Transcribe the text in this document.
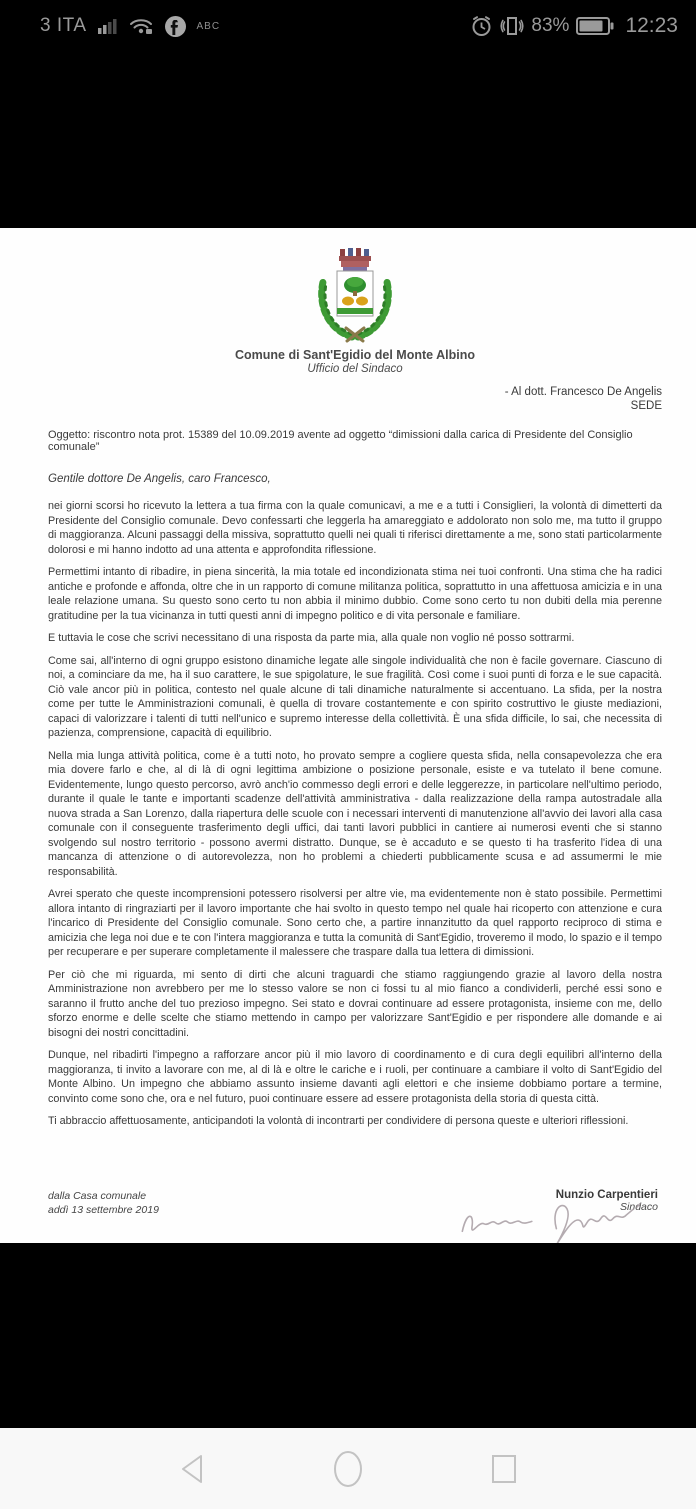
3 ITA	ABC	83%	12:23
Comune di Sant'Egidio del Monte Albino
Ufficio del Sindaco
- Al dott. Francesco De Angelis
SEDE
Oggetto: riscontro nota prot. 15389 del 10.09.2019 avente ad oggetto “dimissioni dalla carica di Presidente del Consiglio comunale”
Gentile dottore De Angelis, caro Francesco,

nei giorni scorsi ho ricevuto la lettera a tua firma con la quale comunicavi, a me e a tutti i Consiglieri, la volontà di dimetterti da Presidente del Consiglio comunale. Devo confessarti che leggerla ha amareggiato e addolorato non solo me, ma tutto il gruppo di maggioranza. Alcuni passaggi della missiva, soprattutto quelli nei quali ti riferisci direttamente a me, sono stati particolarmente dolorosi e mi hanno indotto ad una attenta e approfondita riflessione.

Permettimi intanto di ribadire, in piena sincerità, la mia totale ed incondizionata stima nei tuoi confronti. Una stima che ha radici antiche e profonde e affonda, oltre che in un rapporto di comune militanza politica, soprattutto in una affettuosa amicizia e in una leale relazione umana. Su questo sono certo tu non abbia il minimo dubbio. Come sono certo tu non dubiti della mia perenne gratitudine per la tua vicinanza in tutti questi anni di impegno politico e di vita personale e familiare.

E tuttavia le cose che scrivi necessitano di una risposta da parte mia, alla quale non voglio né posso sottrarmi.

Come sai, all'interno di ogni gruppo esistono dinamiche legate alle singole individualità che non è facile governare. Ciascuno di noi, a cominciare da me, ha il suo carattere, le sue spigolature, le sue fragilità. Così come i suoi punti di forza e le sue capacità. Ciò vale ancor più in politica, contesto nel quale alcune di tali dinamiche naturalmente si accentuano. La sfida, per la nostra come per tutte le Amministrazioni comunali, è quella di trovare costantemente e con spirito costruttivo le giuste mediazioni, capaci di valorizzare i talenti di tutti nell'unico e supremo interesse della collettività. È una sfida difficile, lo sai, che necessita di pazienza, comprensione, capacità di equilibrio.

Nella mia lunga attività politica, come è a tutti noto, ho provato sempre a cogliere questa sfida, nella consapevolezza che era mia dovere farlo e che, al di là di ogni legittima ambizione o posizione personale, esiste e va tutelato il bene comune. Evidentemente, lungo questo percorso, avrò anch'io commesso degli errori e delle leggerezze, in particolare nell'ultimo periodo, durante il quale le tante e importanti scadenze dell'attività amministrativa - dalla realizzazione della rampa autostradale alla nuova strada a San Lorenzo, dalla riapertura delle scuole con i necessari interventi di manutenzione all'avvio dei lavori alla casa comunale con il conseguente trasferimento degli uffici, dai tanti lavori pubblici in cantiere ai numerosi eventi che si stanno svolgendo sul nostro territorio - possono avermi distratto. Dunque, se è accaduto e se questo ti ha trasferito l'idea di una mancanza di attenzione o di autorevolezza, non ho problemi a chiederti pubblicamente scusa e ad assumermi le mie responsabilità.

Avrei sperato che queste incomprensioni potessero risolversi per altre vie, ma evidentemente non è stato possibile. Permettimi allora intanto di ringraziarti per il lavoro importante che hai svolto in questo tempo nel quale hai ricoperto con attenzione e cura l'incarico di Presidente del Consiglio comunale. Sono certo che, a partire innanzitutto da quel rapporto reciproco di stima e amicizia che lega noi due e te con l'intera maggioranza e tutta la comunità di Sant'Egidio, troveremo il modo, lo spazio e il tempo per recuperare e per superare completamente il malessere che traspare dalla tua lettera di dimissioni.

Per ciò che mi riguarda, mi sento di dirti che alcuni traguardi che stiamo raggiungendo grazie al lavoro della nostra Amministrazione non avrebbero per me lo stesso valore se non ci fossi tu al mio fianco a condividerli, perché essi sono e saranno il frutto anche del tuo prezioso impegno. Sei stato e dovrai continuare ad essere protagonista, insieme con me, dello sforzo enorme e delle scelte che stiamo mettendo in campo per valorizzare Sant'Egidio e per rispondere alle domande e ai bisogni dei nostri concittadini.

Dunque, nel ribadirti l'impegno a rafforzare ancor più il mio lavoro di coordinamento e di cura degli equilibri all'interno della maggioranza, ti invito a lavorare con me, al di là e oltre le cariche e i ruoli, per continuare a cambiare il volto di Sant'Egidio del Monte Albino. Un impegno che abbiamo assunto insieme davanti agli elettori e che insieme dobbiamo portare a termine, convinto come sono che, ora e nel futuro, puoi continuare essere ad essere protagonista della storia di questa città.

Ti abbraccio affettuosamente, anticipandoti la volontà di incontrarti per condividere di persona queste e ulteriori riflessioni.

dalla Casa comunale
addì 13 settembre 2019
Nunzio Carpentieri
Sindaco
